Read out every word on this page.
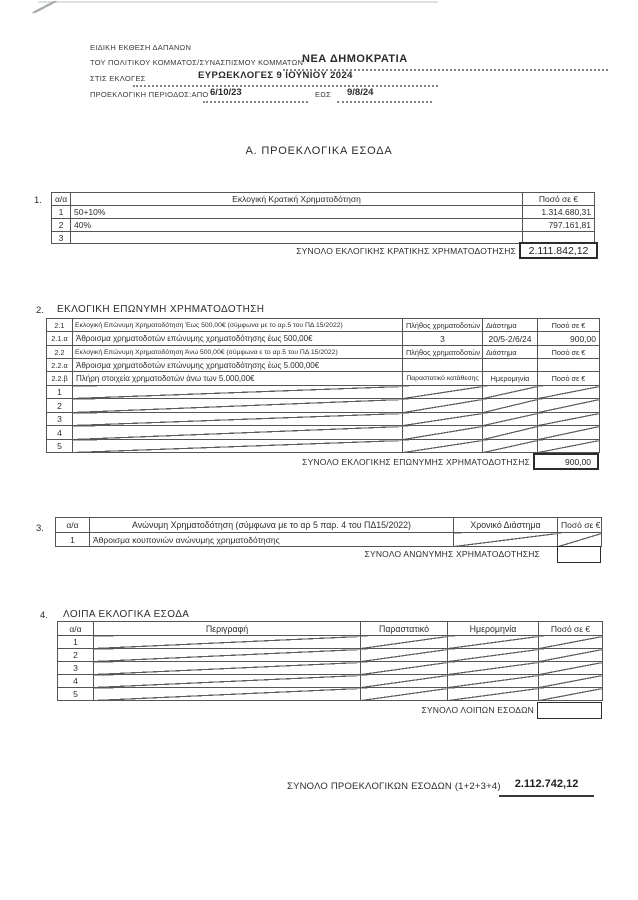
ΕΙΔΙΚΗ ΕΚΘΕΣΗ ΔΑΠΑΝΩΝ
ΤΟΥ ΠΟΛΙΤΙΚΟΥ ΚΟΜΜΑΤΟΣ/ΣΥΝΑΣΠΙΣΜΟΥ ΚΟΜΜΑΤΩΝ
ΝΕΑ ΔΗΜΟΚΡΑΤΙΑ
ΣΤΙΣ ΕΚΛΟΓΕΣ	ΕΥΡΩΕΚΛΟΓΕΣ 9 ΙΟΥΝΙΟΥ 2024
ΠΡΟΕΚΛΟΓΙΚΗ ΠΕΡΙΟΔΟΣ:ΑΠΟ 6/10/23	ΕΩΣ 9/8/24
Α. ΠΡΟΕΚΛΟΓΙΚΑ ΕΣΟΔΑ
1. α/α	Εκλογική Κρατική Χρηματοδότηση	Ποσό σε €
1	50+10%	1.314.680,31
2	40%	797.161,81
3		
ΣΥΝΟΛΟ ΕΚΛΟΓΙΚΗΣ ΚΡΑΤΙΚΗΣ ΧΡΗΜΑΤΟΔΟΤΗΣΗΣ	2.111.842,12
2. ΕΚΛΟΓΙΚΗ ΕΠΩΝΥΜΗ ΧΡΗΜΑΤΟΔΟΤΗΣΗ
2.1	Εκλογική Επώνυμη Χρηματοδότηση Έως 500,00€ (σύμφωνα με το αρ.5 του ΠΔ 15/2022)	Πλήθος χρηματοδοτών	Διάστημα	Ποσό σε €
2.1.α	Άθροισμα χρηματοδοτών επώνυμης χρηματοδότησης έως 500,00€	3	20/5-2/6/24	900,00
2.2	Εκλογική Επώνυμη Χρηματοδότηση Άνω 500,00€ (σύμφωνα ε το αρ.5 του ΠΔ 15/2022)	Πλήθος χρηματοδοτών	Διάστημα	Ποσό σε €
2.2.α	Άθροισμα χρηματοδοτών επώνυμης χρηματοδότησης έως 5.000,00€			
2.2.β	Πλήρη στοιχεία χρηματοδοτών άνω των 5.000,00€	Παραστατικό κατάθεσης	Ημερομηνία	Ποσό σε €
1				
2				
3				
4				
5				
ΣΥΝΟΛΟ ΕΚΛΟΓΙΚΗΣ ΕΠΩΝΥΜΗΣ ΧΡΗΜΑΤΟΔΟΤΗΣΗΣ	900,00
3.	α/α	Ανώνυμη Χρηματοδότηση (σύμφωνα με το αρ 5 παρ. 4 του ΠΔ15/2022)	Χρονικό Διάστημα	Ποσό σε €
1	Άθροισμα κουπονιών ανώνυμης χρηματοδότησης		
ΣΥΝΟΛΟ ΑΝΩΝΥΜΗΣ ΧΡΗΜΑΤΟΔΟΤΗΣΗΣ
4. ΛΟΙΠΑ ΕΚΛΟΓΙΚΑ ΕΣΟΔΑ
α/α	Περιγραφή	Παραστατικό	Ημερομηνία	Ποσό σε €
1				
2				
3				
4				
5				
ΣΥΝΟΛΟ ΛΟΙΠΩΝ ΕΣΟΔΩΝ
ΣΥΝΟΛΟ ΠΡΟΕΚΛΟΓΙΚΩΝ ΕΣΟΔΩΝ (1+2+3+4)	2.112.742,12
